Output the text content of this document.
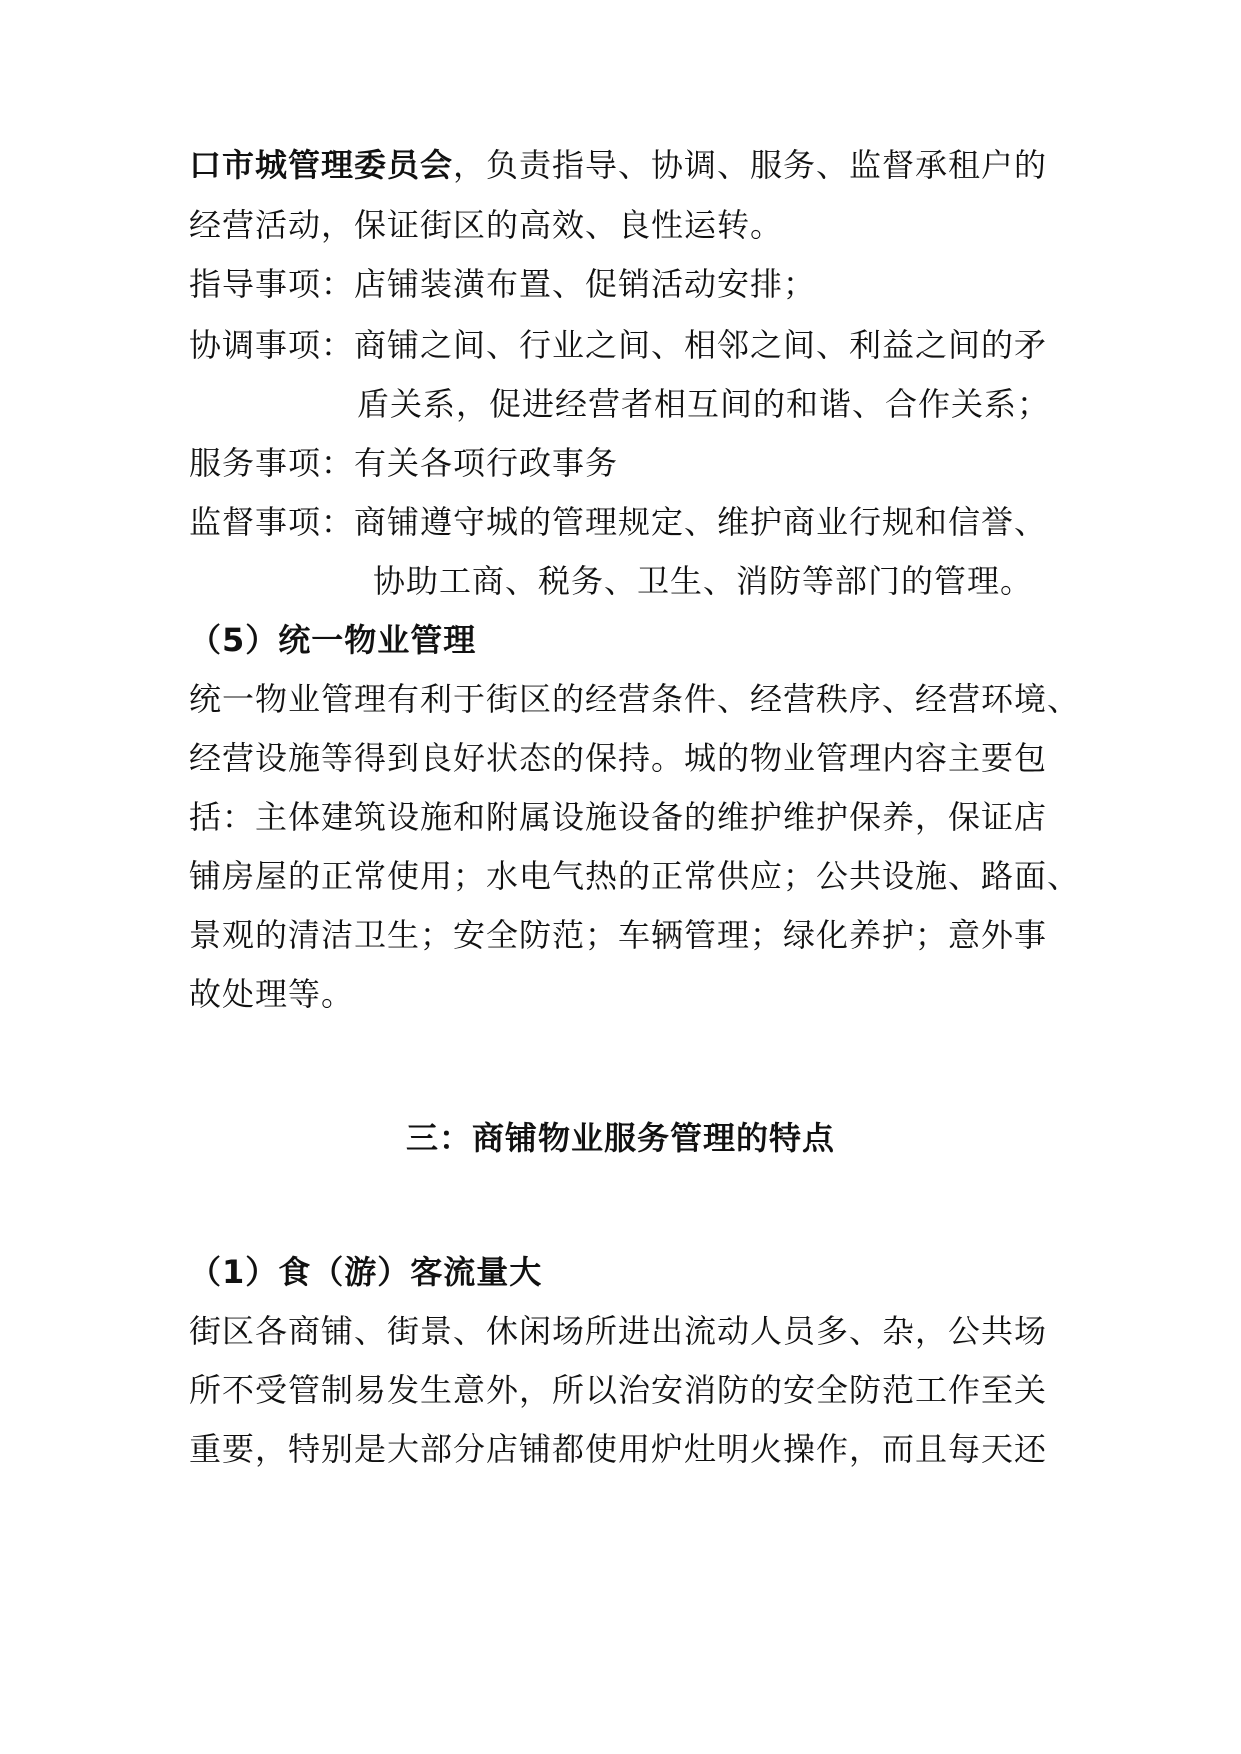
口市城管理委员会，负责指导、协调、服务、监督承租户的
经营活动，保证街区的高效、良性运转。
指导事项：店铺装潢布置、促销活动安排；
协调事项：商铺之间、行业之间、相邻之间、利益之间的矛
盾关系，促进经营者相互间的和谐、合作关系；
服务事项：有关各项行政事务
监督事项：商铺遵守城的管理规定、维护商业行规和信誉、
协助工商、税务、卫生、消防等部门的管理。
（5）统一物业管理
统一物业管理有利于街区的经营条件、经营秩序、经营环境、
经营设施等得到良好状态的保持。城的物业管理内容主要包
括：主体建筑设施和附属设施设备的维护维护保养，保证店
铺房屋的正常使用；水电气热的正常供应；公共设施、路面、
景观的清洁卫生；安全防范；车辆管理；绿化养护；意外事
故处理等。
三：商铺物业服务管理的特点
（1）食（游）客流量大
街区各商铺、街景、休闲场所进出流动人员多、杂，公共场
所不受管制易发生意外，所以治安消防的安全防范工作至关
重要，特别是大部分店铺都使用炉灶明火操作，而且每天还
